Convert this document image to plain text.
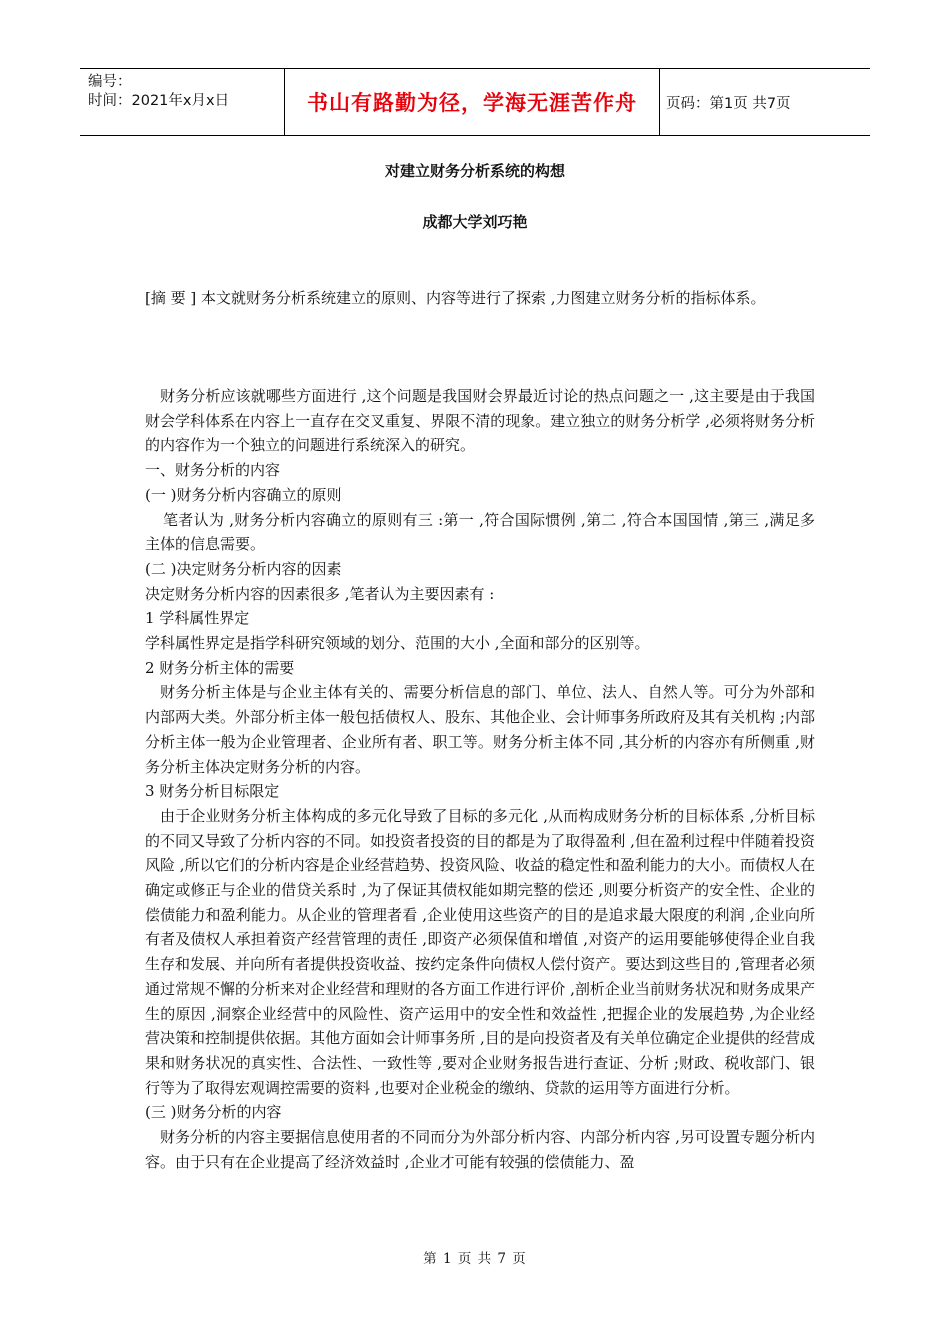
编号：
时间：2021年x月x日	书山有路勤为径，学海无涯苦作舟	页码：第1页 共7页
对建立财务分析系统的构想
成都大学刘巧艳

[摘 要 ] 本文就财务分析系统建立的原则、内容等进行了探索 ,力图建立财务分析的指标体系。

财务分析应该就哪些方面进行 ,这个问题是我国财会界最近讨论的热点问题之一 ,这主要是由于我国财会学科体系在内容上一直存在交叉重复、界限不清的现象。建立独立的财务分析学 ,必须将财务分析的内容作为一个独立的问题进行系统深入的研究。

一、财务分析的内容

(一 )财务分析内容确立的原则

笔者认为 ,财务分析内容确立的原则有三 :第一 ,符合国际惯例 ,第二 ,符合本国国情 ,第三 ,满足多主体的信息需要。

(二 )决定财务分析内容的因素

决定财务分析内容的因素很多 ,笔者认为主要因素有 :

1 学科属性界定

学科属性界定是指学科研究领域的划分、范围的大小 ,全面和部分的区别等。

2 财务分析主体的需要

财务分析主体是与企业主体有关的、需要分析信息的部门、单位、法人、自然人等。可分为外部和内部两大类。外部分析主体一般包括债权人、股东、其他企业、会计师事务所政府及其有关机构 ;内部分析主体一般为企业管理者、企业所有者、职工等。财务分析主体不同 ,其分析的内容亦有所侧重 ,财务分析主体决定财务分析的内容。

3 财务分析目标限定

由于企业财务分析主体构成的多元化导致了目标的多元化 ,从而构成财务分析的目标体系 ,分析目标的不同又导致了分析内容的不同。如投资者投资的目的都是为了取得盈利 ,但在盈利过程中伴随着投资风险 ,所以它们的分析内容是企业经营趋势、投资风险、收益的稳定性和盈利能力的大小。而债权人在确定或修正与企业的借贷关系时 ,为了保证其债权能如期完整的偿还 ,则要分析资产的安全性、企业的偿债能力和盈利能力。从企业的管理者看 ,企业使用这些资产的目的是追求最大限度的利润 ,企业向所有者及债权人承担着资产经营管理的责任 ,即资产必须保值和增值 ,对资产的运用要能够使得企业自我生存和发展、并向所有者提供投资收益、按约定条件向债权人偿付资产。要达到这些目的 ,管理者必须通过常规不懈的分析来对企业经营和理财的各方面工作进行评价 ,剖析企业当前财务状况和财务成果产生的原因 ,洞察企业经营中的风险性、资产运用中的安全性和效益性 ,把握企业的发展趋势 ,为企业经营决策和控制提供依据。其他方面如会计师事务所 ,目的是向投资者及有关单位确定企业提供的经营成果和财务状况的真实性、合法性、一致性等 ,要对企业财务报告进行查证、分析 ;财政、税收部门、银行等为了取得宏观调控需要的资料 ,也要对企业税金的缴纳、贷款的运用等方面进行分析。

(三 )财务分析的内容

财务分析的内容主要据信息使用者的不同而分为外部分析内容、内部分析内容 ,另可设置专题分析内容。由于只有在企业提高了经济效益时 ,企业才可能有较强的偿债能力、盈

第 1 页 共 7 页
